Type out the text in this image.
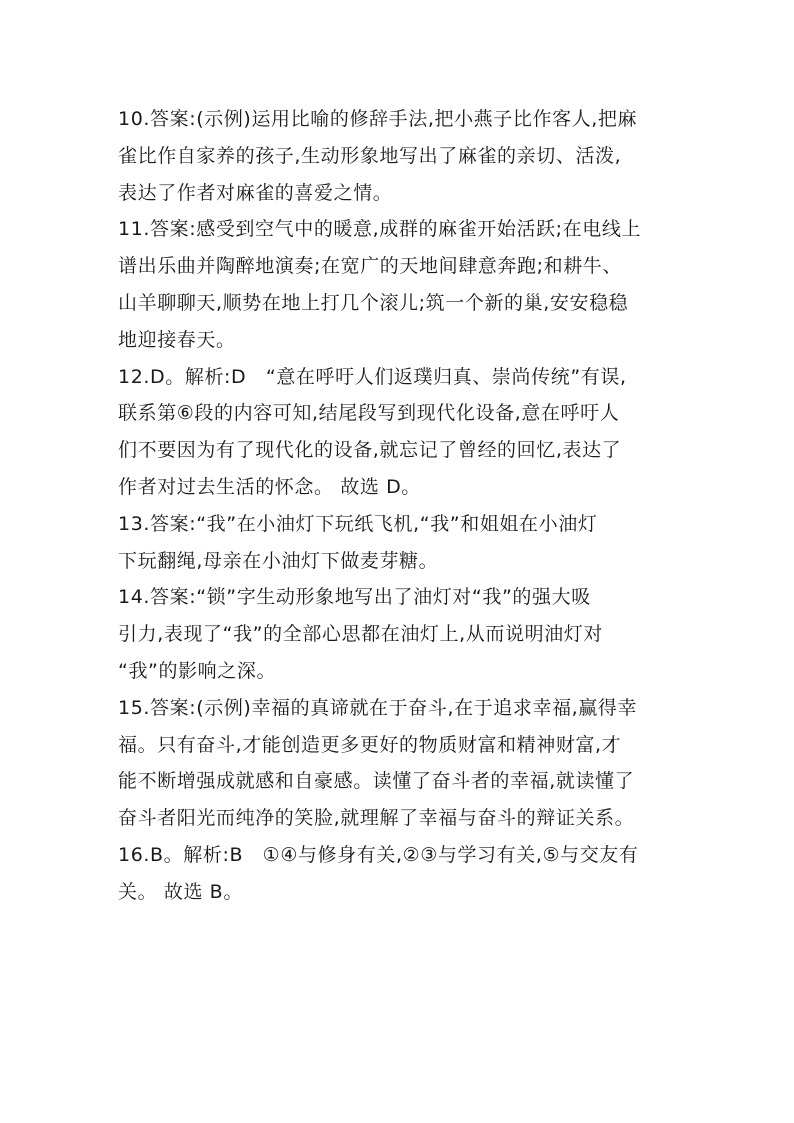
10.答案:(示例)运用比喻的修辞手法,把小燕子比作客人,把麻
雀比作自家养的孩子,生动形象地写出了麻雀的亲切、活泼,
表达了作者对麻雀的喜爱之情。

11.答案:感受到空气中的暖意,成群的麻雀开始活跃;在电线上
谱出乐曲并陶醉地演奏;在宽广的天地间肆意奔跑;和耕牛、
山羊聊聊天,顺势在地上打几个滚儿;筑一个新的巢,安安稳稳
地迎接春天。

12.D。解析:D　“意在呼吁人们返璞归真、崇尚传统”有误,
联系第⑥段的内容可知,结尾段写到现代化设备,意在呼吁人
们不要因为有了现代化的设备,就忘记了曾经的回忆,表达了
作者对过去生活的怀念。 故选 D。

13.答案:“我”在小油灯下玩纸飞机,“我”和姐姐在小油灯
下玩翻绳,母亲在小油灯下做麦芽糖。

14.答案:“锁”字生动形象地写出了油灯对“我”的强大吸
引力,表现了“我”的全部心思都在油灯上,从而说明油灯对
“我”的影响之深。

15.答案:(示例)幸福的真谛就在于奋斗,在于追求幸福,赢得幸
福。只有奋斗,才能创造更多更好的物质财富和精神财富,才
能不断增强成就感和自豪感。读懂了奋斗者的幸福,就读懂了
奋斗者阳光而纯净的笑脸,就理解了幸福与奋斗的辩证关系。

16.B。解析:B　①④与修身有关,②③与学习有关,⑤与交友有
关。 故选 B。
